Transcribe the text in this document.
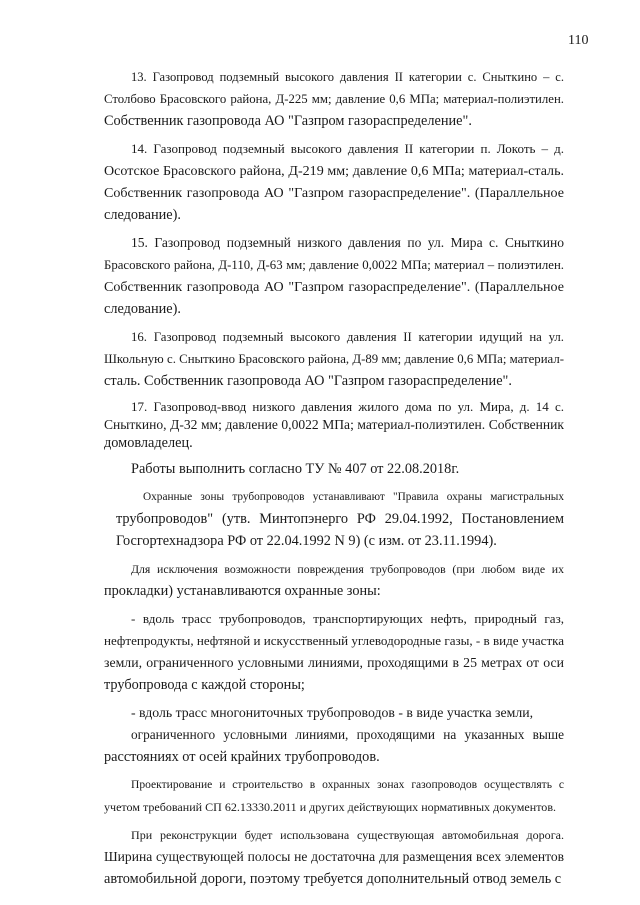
110
13. Газопровод подземный высокого давления II категории с. Сныткино – с.
Столбово Брасовского района, Д-225 мм; давление 0,6 МПа; материал-полиэтилен.
Собственник газопровода АО "Газпром газораспределение".
14. Газопровод подземный высокого давления II категории п. Локоть – д.
Осотское Брасовского района, Д-219 мм; давление 0,6 МПа; материал-сталь.
Собственник газопровода АО "Газпром газораспределение". (Параллельное
следование).
15. Газопровод подземный низкого давления по ул. Мира с. Сныткино
Брасовского района, Д-110, Д-63 мм; давление 0,0022 МПа; материал – полиэтилен.
Собственник газопровода АО "Газпром газораспределение". (Параллельное
следование).
16. Газопровод подземный высокого давления II категории идущий на ул.
Школьную с. Сныткино Брасовского района, Д-89 мм; давление 0,6 МПа; материал-
сталь. Собственник газопровода АО "Газпром газораспределение".
17. Газопровод-ввод низкого давления жилого дома по ул. Мира, д. 14 с.
Сныткино, Д-32 мм; давление 0,0022 МПа; материал-полиэтилен. Собственник
домовладелец.
Работы выполнить согласно ТУ № 407 от 22.08.2018г.
Охранные зоны трубопроводов устанавливают "Правила охраны магистральных
трубопроводов" (утв. Минтопэнерго РФ 29.04.1992, Постановлением
Госгортехнадзора РФ от 22.04.1992 N 9) (с изм. от 23.11.1994).
Для исключения возможности повреждения трубопроводов (при любом виде их
прокладки) устанавливаются охранные зоны:
- вдоль трасс трубопроводов, транспортирующих нефть, природный газ,
нефтепродукты, нефтяной и искусственный углеводородные газы, - в виде участка
земли, ограниченного условными линиями, проходящими в 25 метрах от оси
трубопровода с каждой стороны;
- вдоль трасс многониточных трубопроводов - в виде участка земли,
ограниченного условными линиями, проходящими на указанных выше
расстояниях от осей крайних трубопроводов.
Проектирование и строительство в охранных зонах газопроводов осуществлять с
учетом требований СП 62.13330.2011 и других действующих нормативных документов.
При реконструкции будет использована существующая автомобильная дорога.
Ширина существующей полосы не достаточна для размещения всех элементов
автомобильной дороги, поэтому требуется дополнительный отвод земель с
